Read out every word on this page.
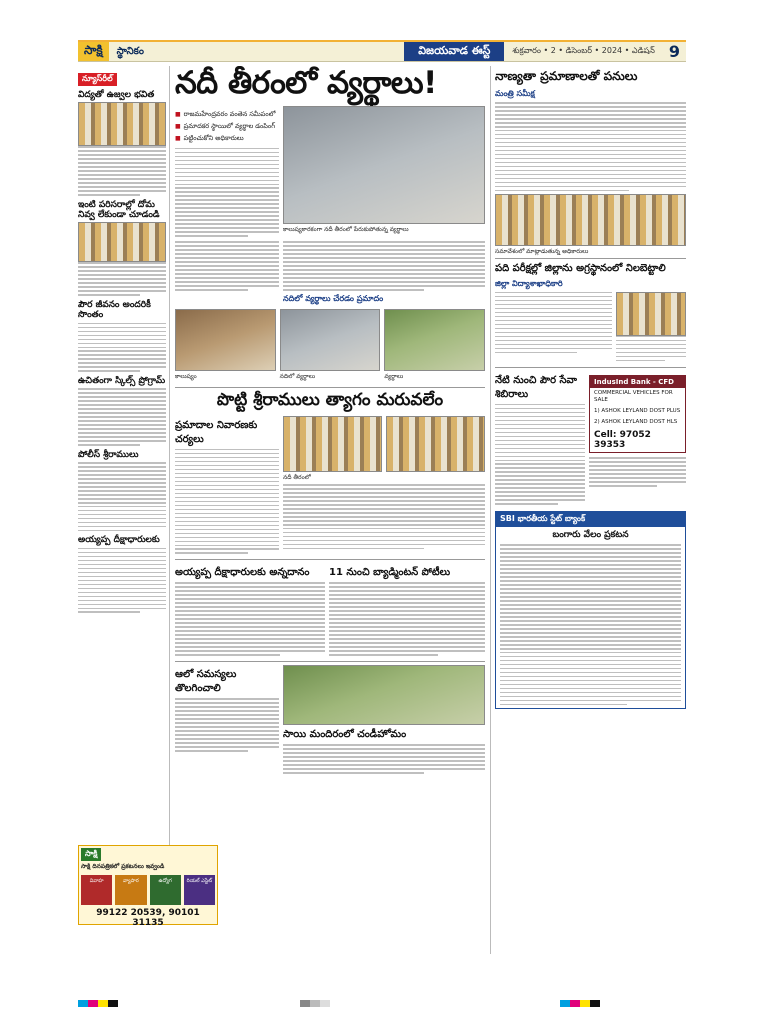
సాక్షి	స్థానికం	విజయవాడ ఈస్ట్	శుక్రవారం • 2 • డిసెంబర్ • 2024 • ఎడిషన్ 9
న్యూస్‌రీల్
విద్యతో ఉజ్వల భవిత
ఇంటి పరిసరాల్లో దోమ నివ్వ లేకుండా చూడండి
పౌర జీవనం అందరికీ సొంతం
ఉచితంగా స్కిల్స్ ప్రోగ్రామ్
పోలీస్ శ్రీరాములు
అయ్యప్ప దీక్షాధారులకు
నదీ తీరంలో వ్యర్థాలు!
■ రాజమహేంద్రవరం వంతెన సమీపంలో
■ ప్రమాదకర స్థాయిలో వ్యర్థాల డంపింగ్
■ పట్టించుకోని అధికారులు
కాలుష్యకారకంగా నదీ తీరంలో పేరుకుపోతున్న వ్యర్థాలు
నదిలో వ్యర్థాలు చేరడం ప్రమాదం
కాలుష్యం	నదిలో వ్యర్థాలు	వ్యర్థాలు
పొట్టి శ్రీరాములు త్యాగం మరువలేం
ప్రమాదాల నివారణకు చర్యలు
నదీ తీరంలో
అయ్యప్ప దీక్షాధారులకు అన్నదానం	11 నుంచి బ్యాడ్మింటన్ పోటీలు
ఆలో సమస్యలు తొలగించాలి
సాయి మందిరంలో చండీహోమం
నాణ్యతా ప్రమాణాలతో పనులు
మంత్రి సమీక్ష
సమావేశంలో మాట్లాడుతున్న అధికారులు
పది పరీక్షల్లో జిల్లాను అగ్రస్థానంలో నిలబెట్టాలి
జిల్లా విద్యాశాఖాధికారి
నేటి నుంచి పౌర సేవా శిబిరాలు
IndusInd Bank - CFD
COMMERCIAL VEHICLES FOR SALE
1) ASHOK LEYLAND DOST PLUS
2) ASHOK LEYLAND DOST HLS
Cell: 97052 39353
SBI భారతీయ స్టేట్ బ్యాంక్
బంగారు వేలం ప్రకటన
సాక్షి
సాక్షి దినపత్రికలో ప్రకటనలు ఇవ్వండి
వివాహ	వ్యాపార	ఉద్యోగ	రియల్ ఎస్టేట్
99122 20539, 90101 31135
